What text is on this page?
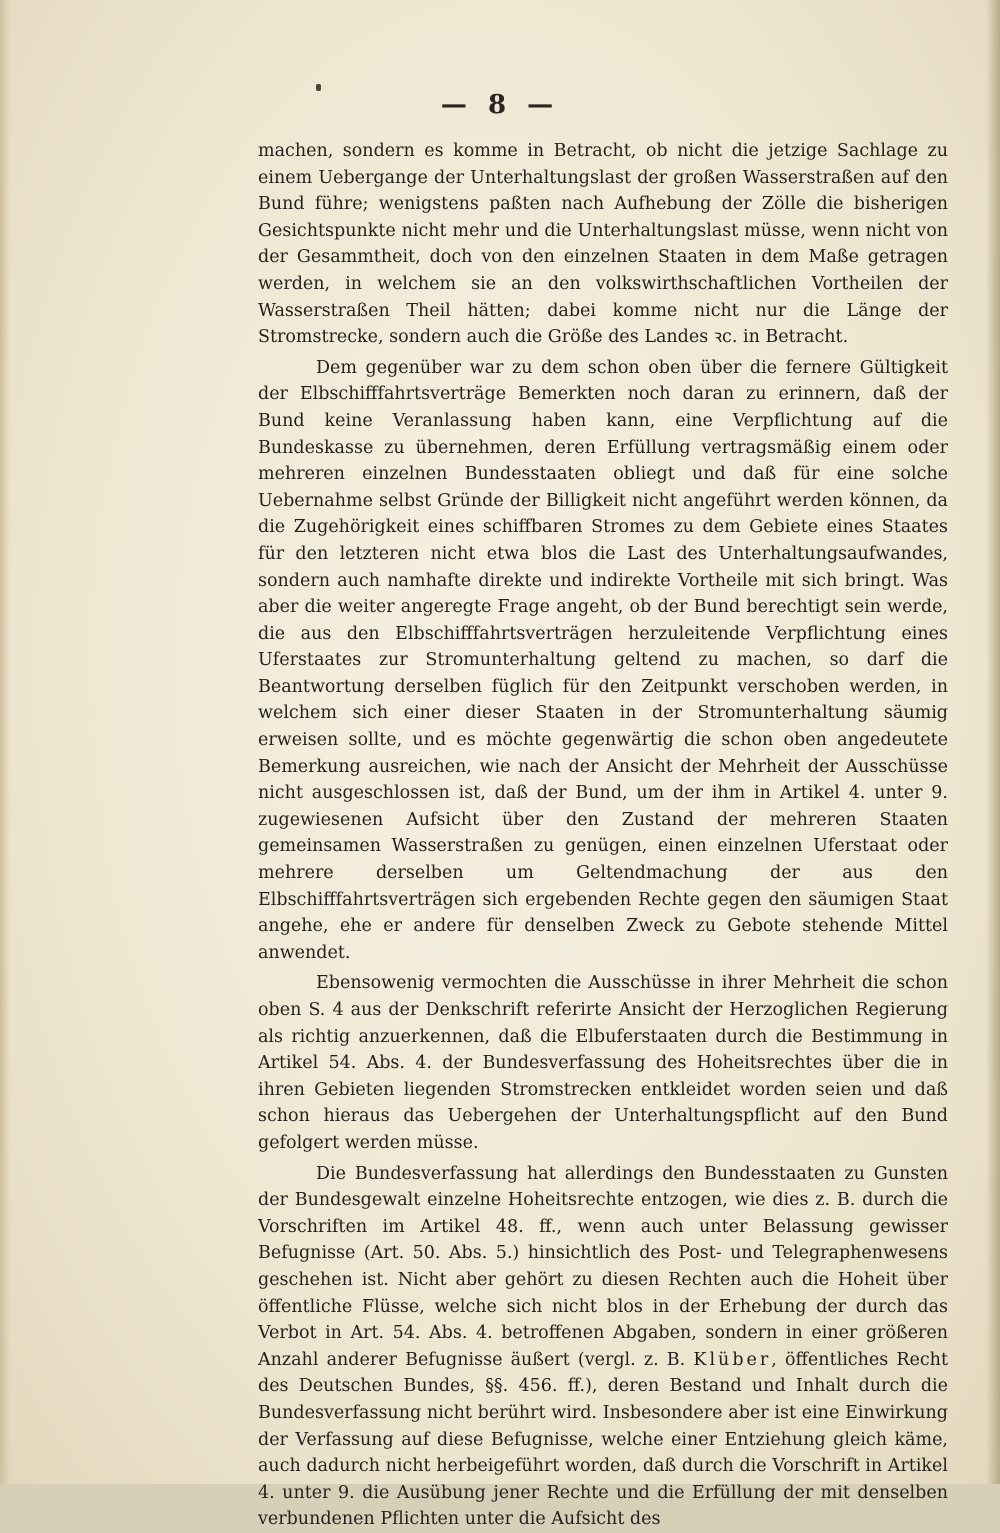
— 8 —

machen, sondern es komme in Betracht, ob nicht die jetzige Sachlage zu einem Uebergange der Unterhaltungslast der großen Wasserstraßen auf den Bund führe; wenigstens paßten nach Aufhebung der Zölle die bisherigen Gesichtspunkte nicht mehr und die Unterhaltungslast müsse, wenn nicht von der Gesammtheit, doch von den einzelnen Staaten in dem Maße getragen werden, in welchem sie an den volkswirthschaftlichen Vortheilen der Wasserstraßen Theil hätten; dabei komme nicht nur die Länge der Stromstrecke, sondern auch die Größe des Landes ꝛc. in Betracht.

Dem gegenüber war zu dem schon oben über die fernere Gültigkeit der Elbschifffahrtsverträge Bemerkten noch daran zu erinnern, daß der Bund keine Veranlassung haben kann, eine Verpflichtung auf die Bundeskasse zu übernehmen, deren Erfüllung vertragsmäßig einem oder mehreren einzelnen Bundesstaaten obliegt und daß für eine solche Uebernahme selbst Gründe der Billigkeit nicht angeführt werden können, da die Zugehörigkeit eines schiffbaren Stromes zu dem Gebiete eines Staates für den letzteren nicht etwa blos die Last des Unterhaltungsaufwandes, sondern auch namhafte direkte und indirekte Vortheile mit sich bringt. Was aber die weiter angeregte Frage angeht, ob der Bund berechtigt sein werde, die aus den Elbschifffahrtsverträgen herzuleitende Verpflichtung eines Uferstaates zur Stromunterhaltung geltend zu machen, so darf die Beantwortung derselben füglich für den Zeitpunkt verschoben werden, in welchem sich einer dieser Staaten in der Stromunterhaltung säumig erweisen sollte, und es möchte gegenwärtig die schon oben angedeutete Bemerkung ausreichen, wie nach der Ansicht der Mehrheit der Ausschüsse nicht ausgeschlossen ist, daß der Bund, um der ihm in Artikel 4. unter 9. zugewiesenen Aufsicht über den Zustand der mehreren Staaten gemeinsamen Wasserstraßen zu genügen, einen einzelnen Uferstaat oder mehrere derselben um Geltendmachung der aus den Elbschifffahrtsverträgen sich ergebenden Rechte gegen den säumigen Staat angehe, ehe er andere für denselben Zweck zu Gebote stehende Mittel anwendet.

Ebensowenig vermochten die Ausschüsse in ihrer Mehrheit die schon oben S. 4 aus der Denkschrift referirte Ansicht der Herzoglichen Regierung als richtig anzuerkennen, daß die Elbuferstaaten durch die Bestimmung in Artikel 54. Abs. 4. der Bundesverfassung des Hoheitsrechtes über die in ihren Gebieten liegenden Stromstrecken entkleidet worden seien und daß schon hieraus das Uebergehen der Unterhaltungspflicht auf den Bund gefolgert werden müsse.

Die Bundesverfassung hat allerdings den Bundesstaaten zu Gunsten der Bundesgewalt einzelne Hoheitsrechte entzogen, wie dies z. B. durch die Vorschriften im Artikel 48. ff., wenn auch unter Belassung gewisser Befugnisse (Art. 50. Abs. 5.) hinsichtlich des Post- und Telegraphenwesens geschehen ist. Nicht aber gehört zu diesen Rechten auch die Hoheit über öffentliche Flüsse, welche sich nicht blos in der Erhebung der durch das Verbot in Art. 54. Abs. 4. betroffenen Abgaben, sondern in einer größeren Anzahl anderer Befugnisse äußert (vergl. z. B. Klüber, öffentliches Recht des Deutschen Bundes, §§. 456. ff.), deren Bestand und Inhalt durch die Bundesverfassung nicht berührt wird. Insbesondere aber ist eine Einwirkung der Verfassung auf diese Befugnisse, welche einer Entziehung gleich käme, auch dadurch nicht herbeigeführt worden, daß durch die Vorschrift in Artikel 4. unter 9. die Ausübung jener Rechte und die Erfüllung der mit denselben verbundenen Pflichten unter die Aufsicht des
